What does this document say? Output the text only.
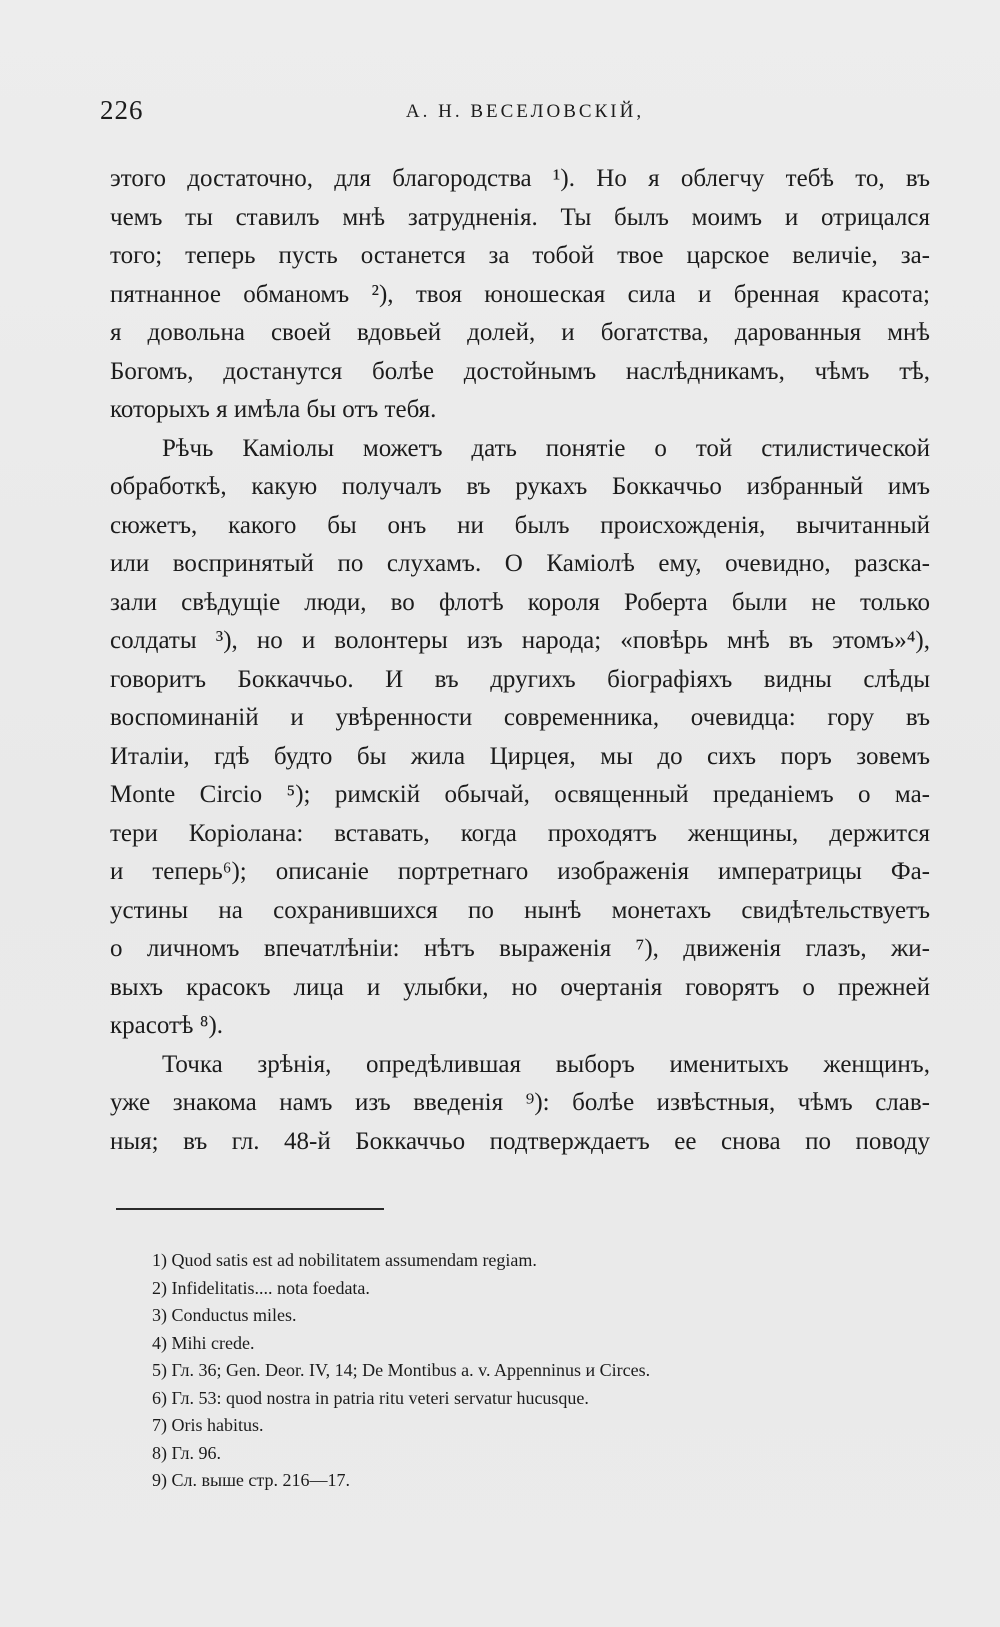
226	А. Н. ВЕСЕЛОВСКІЙ,
этого достаточно, для благородства ¹). Но я облегчу тебѣ то, въ
чемъ ты ставилъ мнѣ затрудненія. Ты былъ моимъ и отрицался
того; теперь пусть останется за тобой твое царское величіе, за-
пятнанное обманомъ ²), твоя юношеская сила и бренная красота;
я довольна своей вдовьей долей, и богатства, дарованныя мнѣ
Богомъ, достанутся болѣе достойнымъ наслѣдникамъ, чѣмъ тѣ,
которыхъ я имѣла бы отъ тебя.
Рѣчь Каміолы можетъ дать понятіе о той стилистической
обработкѣ, какую получалъ въ рукахъ Боккаччьо избранный имъ
сюжетъ, какого бы онъ ни былъ происхожденія, вычитанный
или воспринятый по слухамъ. О Каміолѣ ему, очевидно, разска-
зали свѣдущіе люди, во флотѣ короля Роберта были не только
солдаты ³), но и волонтеры изъ народа; «повѣрь мнѣ въ этомъ»⁴),
говоритъ Боккаччьо. И въ другихъ біографіяхъ видны слѣды
воспоминаній и увѣренности современника, очевидца: гору въ
Италіи, гдѣ будто бы жила Цирцея, мы до сихъ поръ зовемъ
Monte Circio ⁵); римскій обычай, освященный преданіемъ о ма-
тери Коріолана: вставать, когда проходятъ женщины, держится
и теперь⁶); описаніе портретнаго изображенія императрицы Фа-
устины на сохранившихся по нынѣ монетахъ свидѣтельствуетъ
о личномъ впечатлѣніи: нѣтъ выраженія ⁷), движенія глазъ, жи-
выхъ красокъ лица и улыбки, но очертанія говорятъ о прежней
красотѣ ⁸).
Точка зрѣнія, опредѣлившая выборъ именитыхъ женщинъ,
уже знакома намъ изъ введенія ⁹): болѣе извѣстныя, чѣмъ слав-
ныя; въ гл. 48-й Боккаччьо подтверждаетъ ее снова по поводу
1) Quod satis est ad nobilitatem assumendam regiam.
2) Infidelitatis.... nota foedata.
3) Conductus miles.
4) Mihi crede.
5) Гл. 36; Gen. Deor. IV, 14; De Montibus a. v. Appenninus и Circes.
6) Гл. 53: quod nostra in patria ritu veteri servatur hucusque.
7) Oris habitus.
8) Гл. 96.
9) Сл. выше стр. 216—17.
